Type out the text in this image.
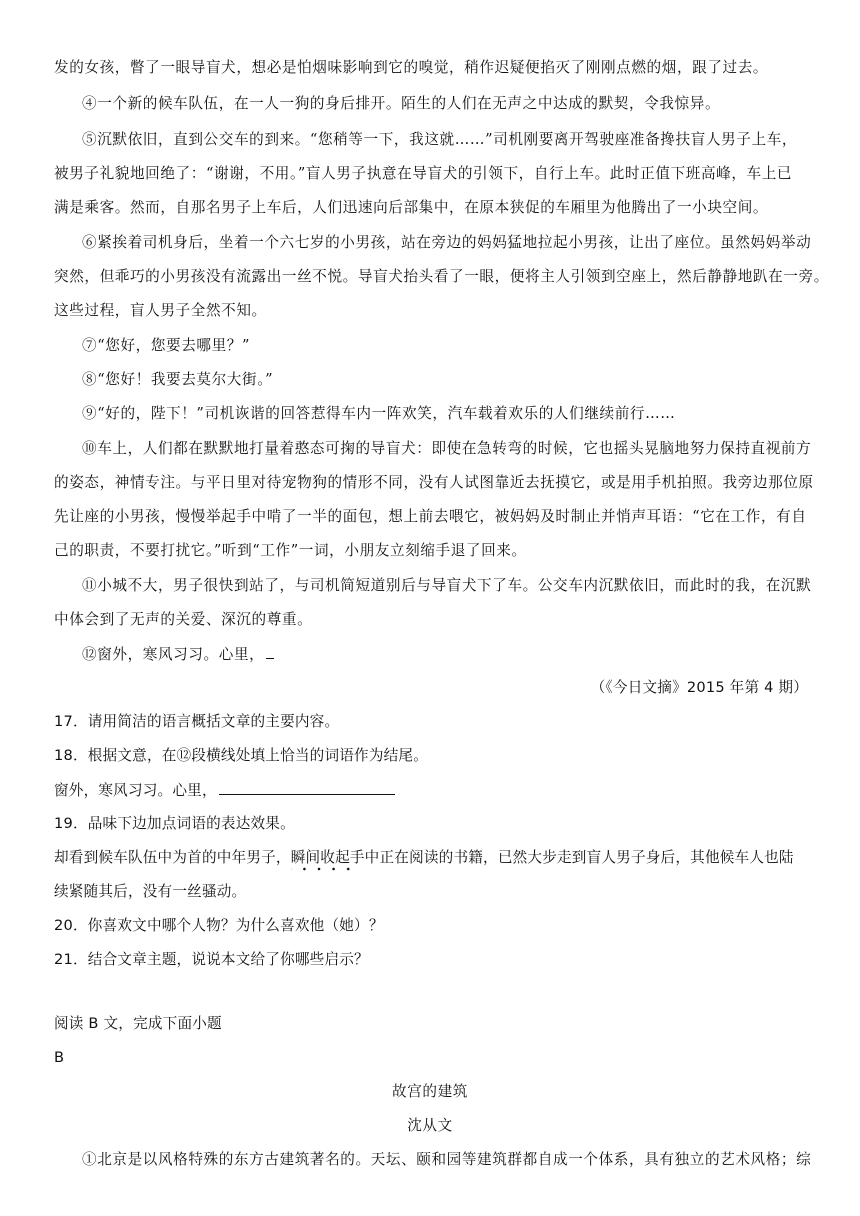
发的女孩，瞥了一眼导盲犬，想必是怕烟味影响到它的嗅觉，稍作迟疑便掐灭了刚刚点燃的烟，跟了过去。
④一个新的候车队伍，在一人一狗的身后排开。陌生的人们在无声之中达成的默契，令我惊异。
⑤沉默依旧，直到公交车的到来。“您稍等一下，我这就……”司机刚要离开驾驶座准备搀扶盲人男子上车，
被男子礼貌地回绝了：“谢谢，不用。”盲人男子执意在导盲犬的引领下，自行上车。此时正值下班高峰，车上已
满是乘客。然而，自那名男子上车后，人们迅速向后部集中，在原本狭促的车厢里为他腾出了一小块空间。
⑥紧挨着司机身后，坐着一个六七岁的小男孩，站在旁边的妈妈猛地拉起小男孩，让出了座位。虽然妈妈举动
突然，但乖巧的小男孩没有流露出一丝不悦。导盲犬抬头看了一眼，便将主人引领到空座上，然后静静地趴在一旁。
这些过程，盲人男子全然不知。
⑦“您好，您要去哪里？”
⑧“您好！我要去莫尔大街。”
⑨“好的，陛下！”司机诙谐的回答惹得车内一阵欢笑，汽车载着欢乐的人们继续前行……
⑩车上，人们都在默默地打量着憨态可掬的导盲犬：即使在急转弯的时候，它也摇头晃脑地努力保持直视前方
的姿态，神情专注。与平日里对待宠物狗的情形不同，没有人试图靠近去抚摸它，或是用手机拍照。我旁边那位原
先让座的小男孩，慢慢举起手中啃了一半的面包，想上前去喂它，被妈妈及时制止并悄声耳语：“它在工作，有自
己的职责，不要打扰它。”听到“工作”一词，小朋友立刻缩手退了回来。
⑪小城不大，男子很快到站了，与司机简短道别后与导盲犬下了车。公交车内沉默依旧，而此时的我，在沉默
中体会到了无声的关爱、深沉的尊重。
⑫窗外，寒风习习。心里，
（《今日文摘》2015 年第 4 期）
17．请用简洁的语言概括文章的主要内容。
18．根据文意，在⑫段横线处填上恰当的词语作为结尾。
窗外，寒风习习。心里，
19．品味下边加点词语的表达效果。
却看到候车队伍中为首的中年男子，瞬间收起手中正在阅读的书籍，已然大步走到盲人男子身后，其他候车人也陆
续紧随其后，没有一丝骚动。
20．你喜欢文中哪个人物？为什么喜欢他（她）？
21．结合文章主题，说说本文给了你哪些启示？
阅读 B 文，完成下面小题
B
故宫的建筑
沈从文
①北京是以风格特殊的东方古建筑著名的。天坛、颐和园等建筑群都自成一个体系，具有独立的艺术风格；综
